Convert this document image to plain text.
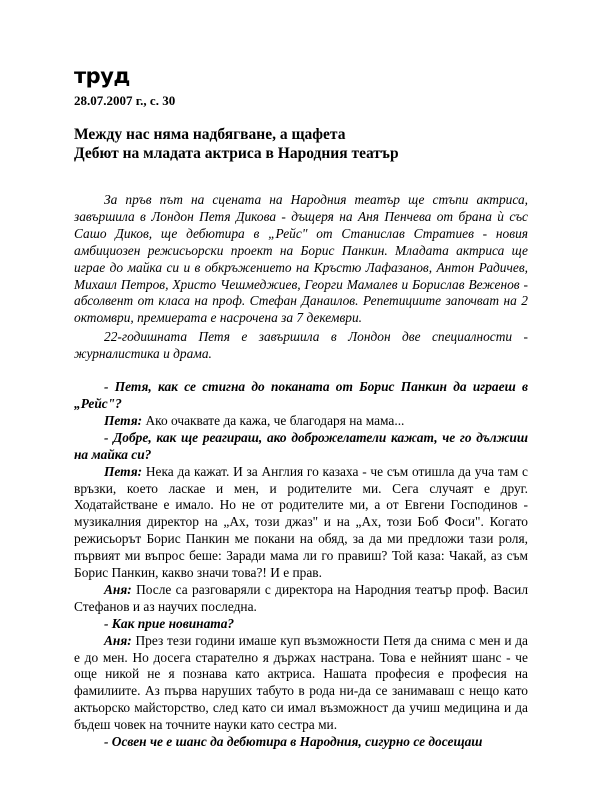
труд
28.07.2007 г., с. 30
Между нас няма надбягване, а щафета
Дебют на младата актриса в Народния театър

За пръв път на сцената на Народния театър ще стъпи актриса, завършила в Лондон Петя Дикова - дъщеря на Аня Пенчева от брана ѝ със Сашо Диков, ще дебютира в „Рейс" от Станислав Стратиев - новия амбициозен режисьорски проект на Борис Панкин. Младата актриса ще играе до майка си и в обкръжението на Кръстю Лафазанов, Антон Радичев, Михаил Петров, Христо Чешмеджиев, Георги Мамалев и Борислав Веженов - абсолвент от класа на проф. Стефан Данаилов. Репетициите започват на 2 октомври, премиерата е насрочена за 7 декември.

22-годишната Петя е завършила в Лондон две специалности - журналистика и драма.

- Петя, как се стигна до поканата от Борис Панкин да играеш в „Рейс"?

Петя: Ако очаквате да кажа, че благодаря на мама...

- Добре, как ще реагираш, ако доброжелатели кажат, че го дължиш на майка си?

Петя: Нека да кажат. И за Англия го казаха - че съм отишла да уча там с връзки, което ласкае и мен, и родителите ми. Сега случаят е друг. Ходатайстване е имало. Но не от родителите ми, а от Евгени Господинов - музикалния директор на „Ах, този джаз" и на „Ах, този Боб Фоси". Когато режисьорът Борис Панкин ме покани на обяд, за да ми предложи тази роля, първият ми въпрос беше: Заради мама ли го правиш? Той каза: Чакай, аз съм Борис Панкин, какво значи това?! И е прав.

Аня: После са разговаряли с директора на Народния театър проф. Васил Стефанов и аз научих последна.

- Как прие новината?

Аня: През тези години имаше куп възможности Петя да снима с мен и да е до мен. Но досега старателно я държах настрана. Това е нейният шанс - че още никой не я познава като актриса. Нашата професия е професия на фамилиите. Аз първа наруших табуто в рода ни-да се занимаваш с нещо като актьорско майсторство, след като си имал възможност да учиш медицина и да бъдеш човек на точните науки като сестра ми.

- Освен че е шанс да дебютира в Народния, сигурно се досещаш
